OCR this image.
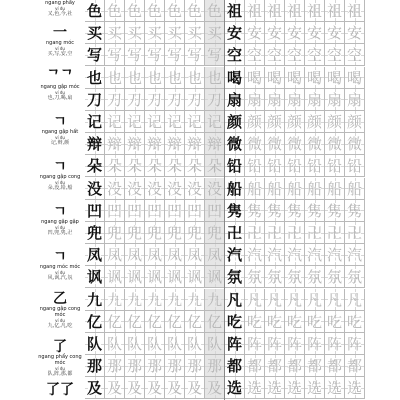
ngang phẩy
ví dụ
又,色,今,社
一
ngang móc
ví dụ
买,写,安,空
ᄀᄀ
ngang gập móc
ví dụ
也,刀,喝,扇
ㄱ
ngang gập hất
ví dụ
记,辩,颜
ㄱ
ngang gập cong
ví dụ
朵,没,铅,船
ㄱ
ngang gập gập
ví dụ
凹,兜,隽,卍
ㄱ
ngang móc móc
ví dụ
风,讽,汽,氛
乙
ngang gập cong móc
ví dụ
九,亿,凡,吃
了
ngang phẩy cong móc
ví dụ
队,阵,那,都
了了
色 色 色 色 色 色 色 祖 祖 祖 祖 祖 祖 祖
买 买 买 买 买 买 买 安 安 安 安 安 安 安
写 写 写 写 写 写 写 空 空 空 空 空 空 空
也 也 也 也 也 也 也 喝 喝 喝 喝 喝 喝 喝
刀 刀 刀 刀 刀 刀 刀 扇 扇 扇 扇 扇 扇 扇
记 记 记 记 记 记 记 颜 颜 颜 颜 颜 颜 颜
辩 辩 辩 辩 辩 辩 辩 微 微 微 微 微 微 微
朵 朵 朵 朵 朵 朵 朵 铅 铅 铅 铅 铅 铅 铅
没 没 没 没 没 没 没 船 船 船 船 船 船 船
凹 凹 凹 凹 凹 凹 凹 隽 隽 隽 隽 隽 隽 隽
兜 兜 兜 兜 兜 兜 兜 卍 卍 卍 卍 卍 卍 卍
凤 凤 凤 凤 凤 凤 凤 汽 汽 汽 汽 汽 汽 汽
讽 讽 讽 讽 讽 讽 讽 氛 氛 氛 氛 氛 氛 氛
九 九 九 九 九 九 九 凡 凡 凡 凡 凡 凡 凡
亿 亿 亿 亿 亿 亿 亿 吃 吃 吃 吃 吃 吃 吃
队 队 队 队 队 队 队 阵 阵 阵 阵 阵 阵 阵
那 那 那 那 那 那 那 都 都 都 都 都 都 都
及 及 及 及 及 及 及 选 选 选 选 选 选 选
